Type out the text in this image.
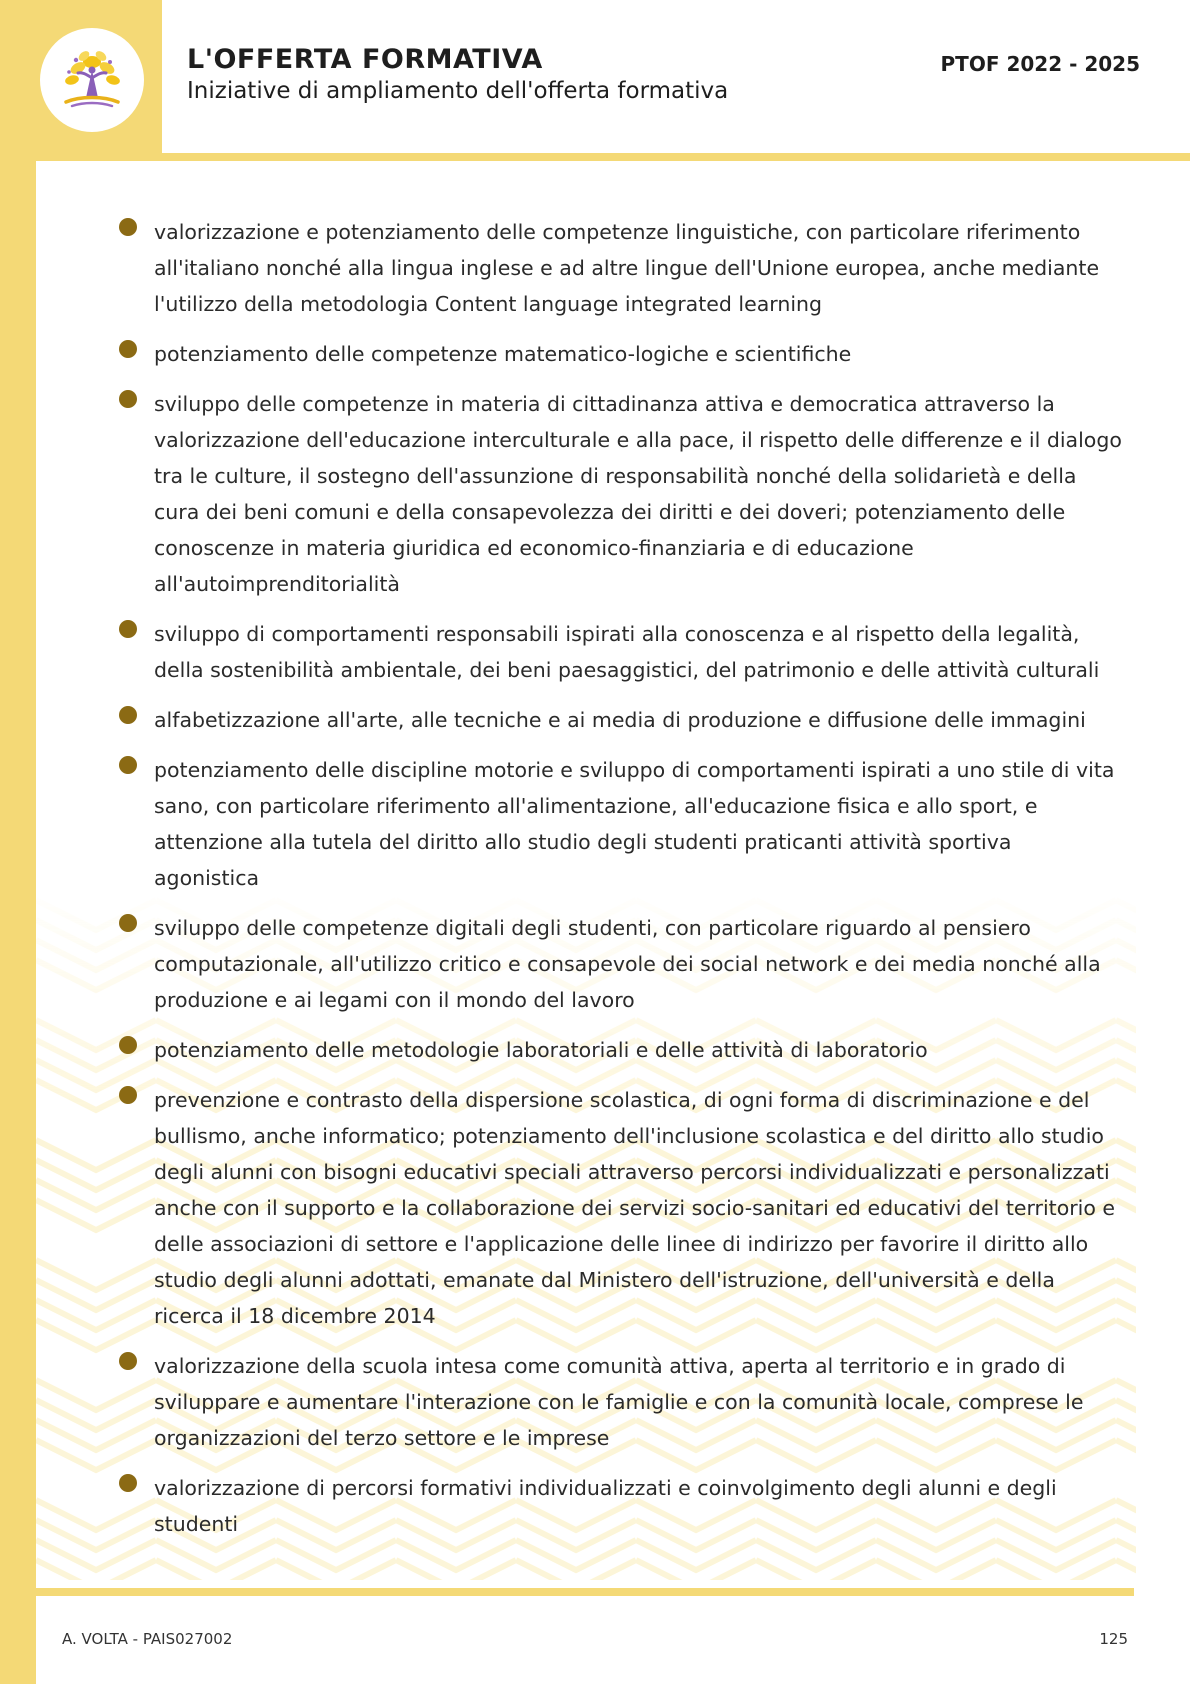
L'OFFERTA FORMATIVA
Iniziative di ampliamento dell'offerta formativa
PTOF 2022 - 2025
valorizzazione e potenziamento delle competenze linguistiche, con particolare riferimento all'italiano nonché alla lingua inglese e ad altre lingue dell'Unione europea, anche mediante l'utilizzo della metodologia Content language integrated learning
potenziamento delle competenze matematico-logiche e scientifiche
sviluppo delle competenze in materia di cittadinanza attiva e democratica attraverso la valorizzazione dell'educazione interculturale e alla pace, il rispetto delle differenze e il dialogo tra le culture, il sostegno dell'assunzione di responsabilità nonché della solidarietà e della cura dei beni comuni e della consapevolezza dei diritti e dei doveri; potenziamento delle conoscenze in materia giuridica ed economico-finanziaria e di educazione all'autoimprenditorialità
sviluppo di comportamenti responsabili ispirati alla conoscenza e al rispetto della legalità, della sostenibilità ambientale, dei beni paesaggistici, del patrimonio e delle attività culturali
alfabetizzazione all'arte, alle tecniche e ai media di produzione e diffusione delle immagini
potenziamento delle discipline motorie e sviluppo di comportamenti ispirati a uno stile di vita sano, con particolare riferimento all'alimentazione, all'educazione fisica e allo sport, e attenzione alla tutela del diritto allo studio degli studenti praticanti attività sportiva agonistica
sviluppo delle competenze digitali degli studenti, con particolare riguardo al pensiero computazionale, all'utilizzo critico e consapevole dei social network e dei media nonché alla produzione e ai legami con il mondo del lavoro
potenziamento delle metodologie laboratoriali e delle attività di laboratorio
prevenzione e contrasto della dispersione scolastica, di ogni forma di discriminazione e del bullismo, anche informatico; potenziamento dell'inclusione scolastica e del diritto allo studio degli alunni con bisogni educativi speciali attraverso percorsi individualizzati e personalizzati anche con il supporto e la collaborazione dei servizi socio-sanitari ed educativi del territorio e delle associazioni di settore e l'applicazione delle linee di indirizzo per favorire il diritto allo studio degli alunni adottati, emanate dal Ministero dell'istruzione, dell'università e della ricerca il 18 dicembre 2014
valorizzazione della scuola intesa come comunità attiva, aperta al territorio e in grado di sviluppare e aumentare l'interazione con le famiglie e con la comunità locale, comprese le organizzazioni del terzo settore e le imprese
valorizzazione di percorsi formativi individualizzati e coinvolgimento degli alunni e degli studenti
A. VOLTA - PAIS027002	125
